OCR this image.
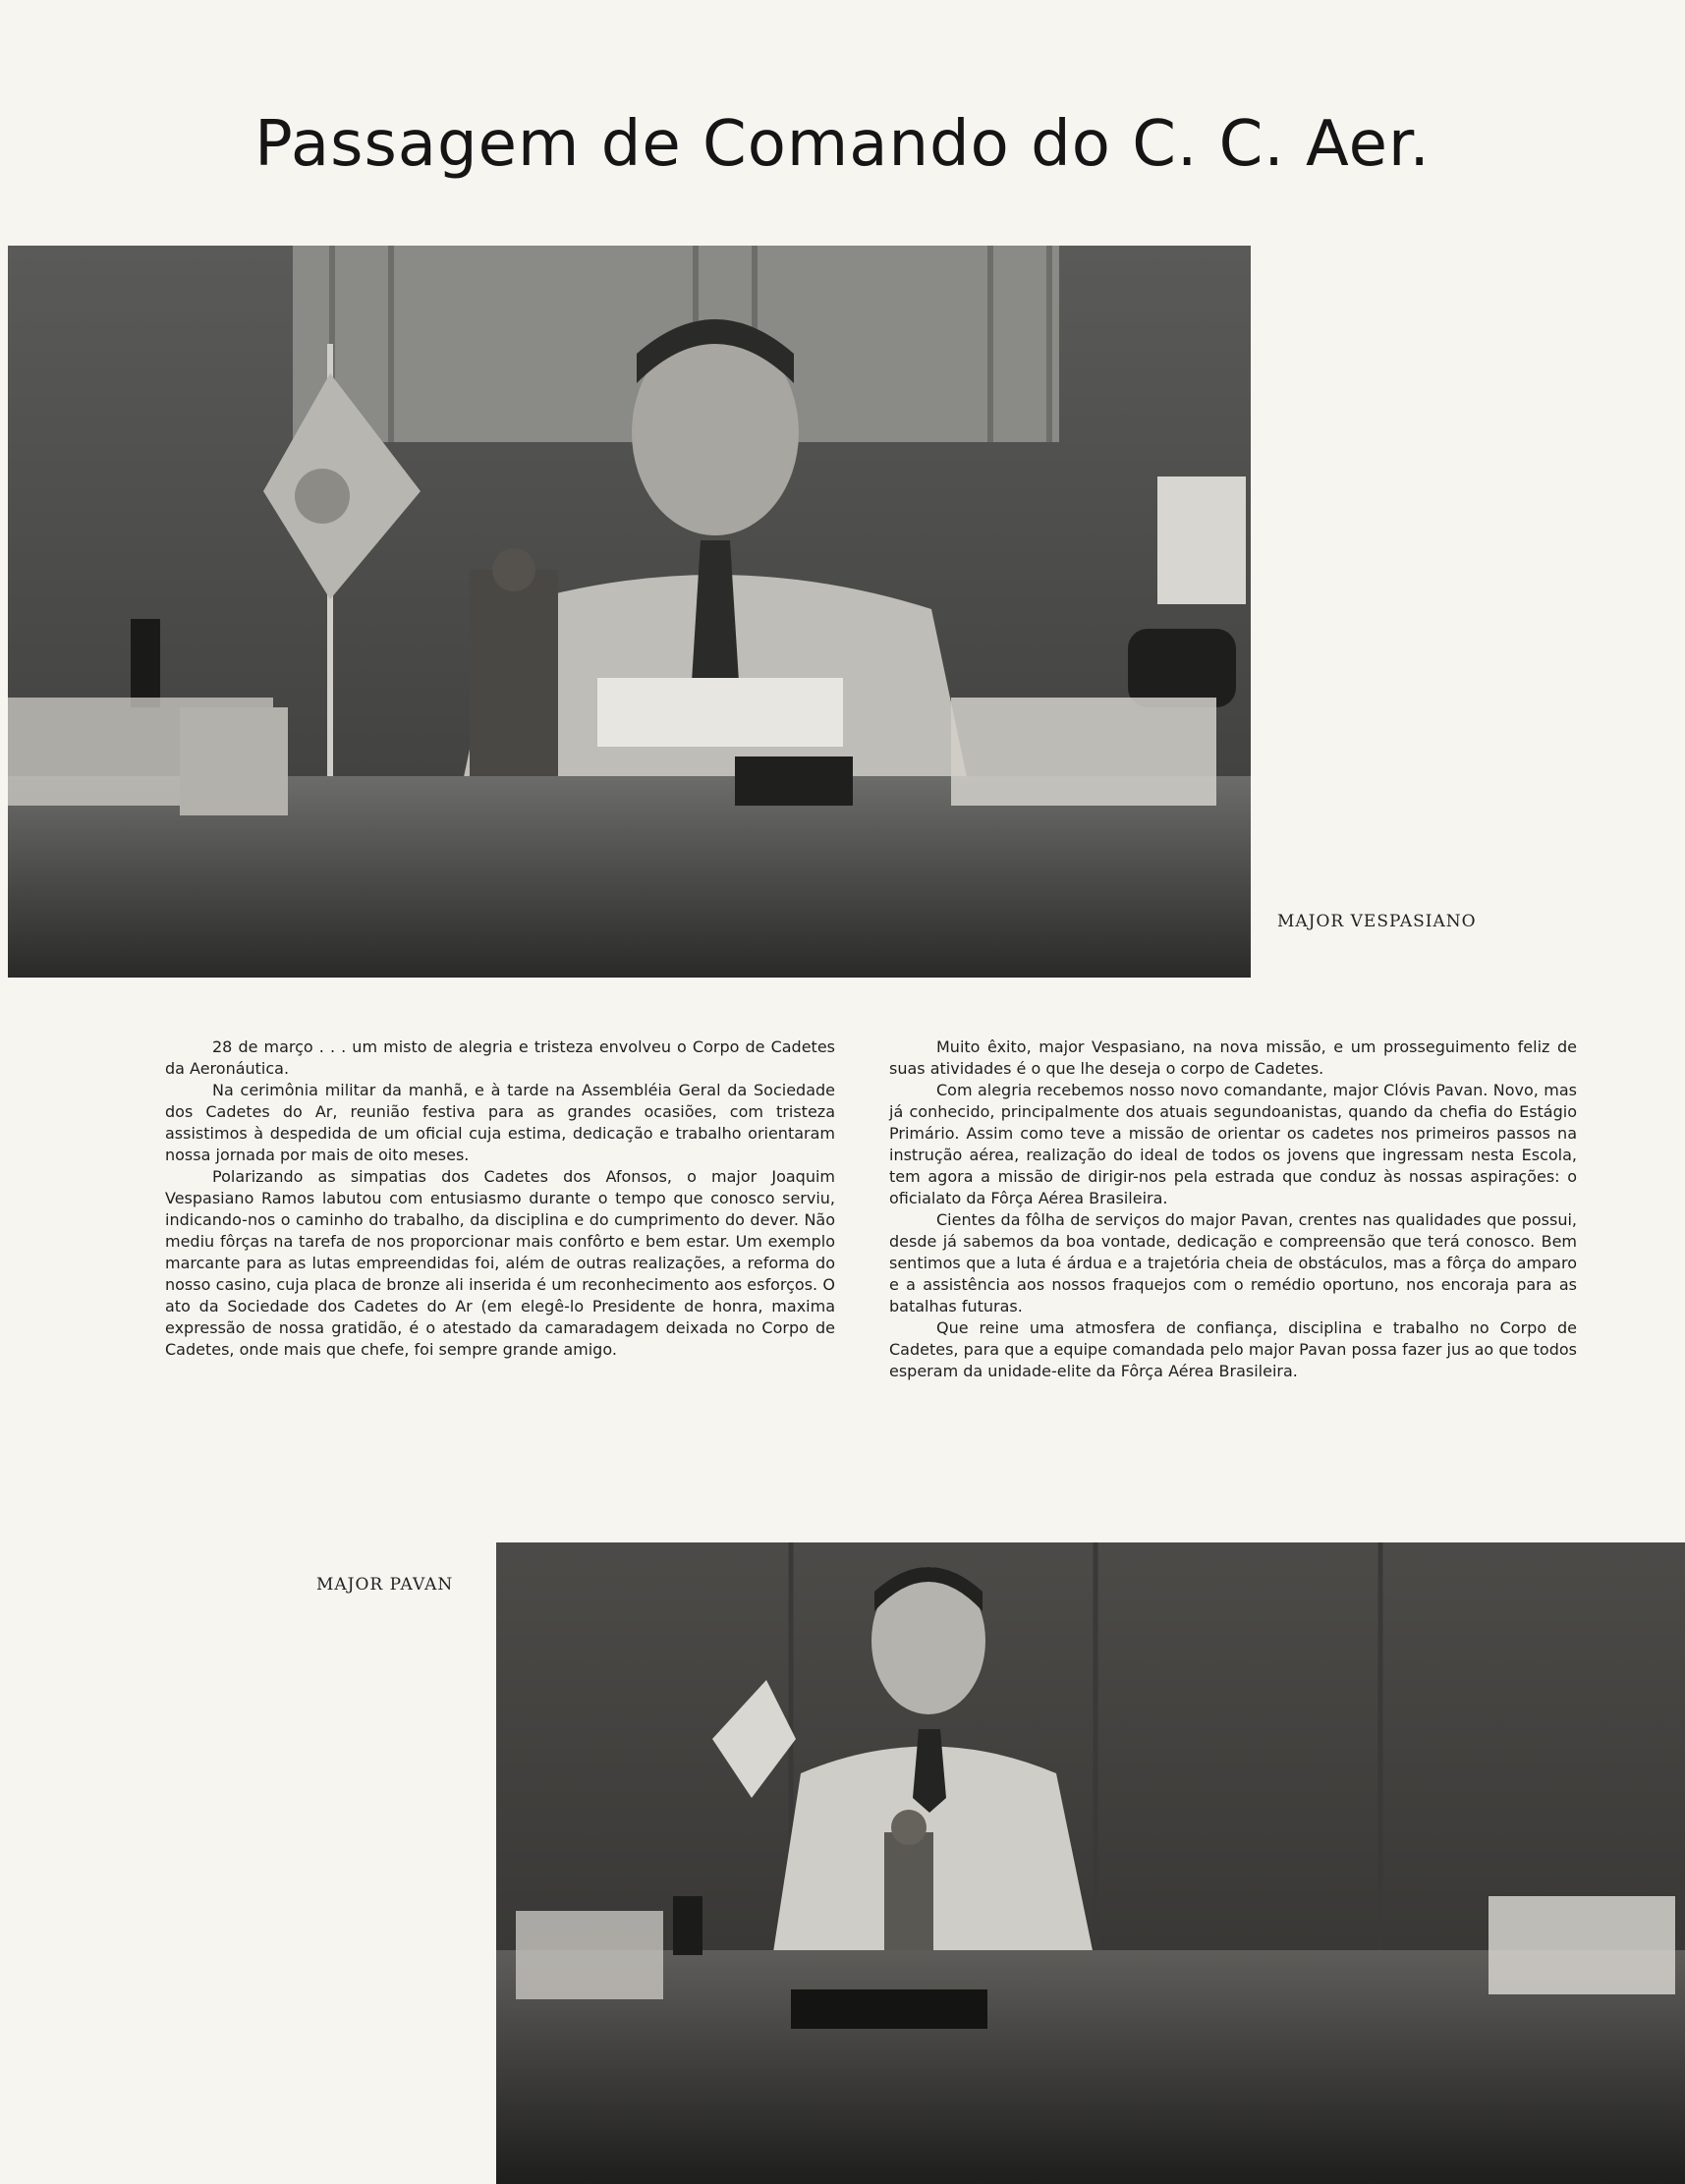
Passagem de Comando do C. C. Aer.
MAJOR VESPASIANO

28 de março . . . um misto de alegria e tristeza envolveu o Corpo de Cadetes da Aeronáutica.

Na cerimônia militar da manhã, e à tarde na Assembléia Geral da Sociedade dos Cadetes do Ar, reunião festiva para as grandes ocasiões, com tristeza assistimos à despedida de um oficial cuja estima, dedicação e trabalho orientaram nossa jornada por mais de oito meses.

Polarizando as simpatias dos Cadetes dos Afonsos, o major Joaquim Vespasiano Ramos labutou com entusiasmo durante o tempo que conosco serviu, indicando-nos o caminho do trabalho, da disciplina e do cumprimento do dever. Não mediu fôrças na tarefa de nos proporcionar mais confôrto e bem estar. Um exemplo marcante para as lutas empreendidas foi, além de outras realizações, a reforma do nosso casino, cuja placa de bronze ali inserida é um reconhecimento aos esforços. O ato da Sociedade dos Cadetes do Ar (em elegê-lo Presidente de honra, maxima expressão de nossa gratidão, é o atestado da camaradagem deixada no Corpo de Cadetes, onde mais que chefe, foi sempre grande amigo.

Muito êxito, major Vespasiano, na nova missão, e um prosseguimento feliz de suas atividades é o que lhe deseja o corpo de Cadetes.

Com alegria recebemos nosso novo comandante, major Clóvis Pavan. Novo, mas já conhecido, principalmente dos atuais segundoanistas, quando da chefia do Estágio Primário. Assim como teve a missão de orientar os cadetes nos primeiros passos na instrução aérea, realização do ideal de todos os jovens que ingressam nesta Escola, tem agora a missão de dirigir-nos pela estrada que conduz às nossas aspirações: o oficialato da Fôrça Aérea Brasileira.

Cientes da fôlha de serviços do major Pavan, crentes nas qualidades que possui, desde já sabemos da boa vontade, dedicação e compreensão que terá conosco. Bem sentimos que a luta é árdua e a trajetória cheia de obstáculos, mas a fôrça do amparo e a assistência aos nossos fraquejos com o remédio oportuno, nos encoraja para as batalhas futuras.

Que reine uma atmosfera de confiança, disciplina e trabalho no Corpo de Cadetes, para que a equipe comandada pelo major Pavan possa fazer jus ao que todos esperam da unidade-elite da Fôrça Aérea Brasileira.

MAJOR PAVAN
